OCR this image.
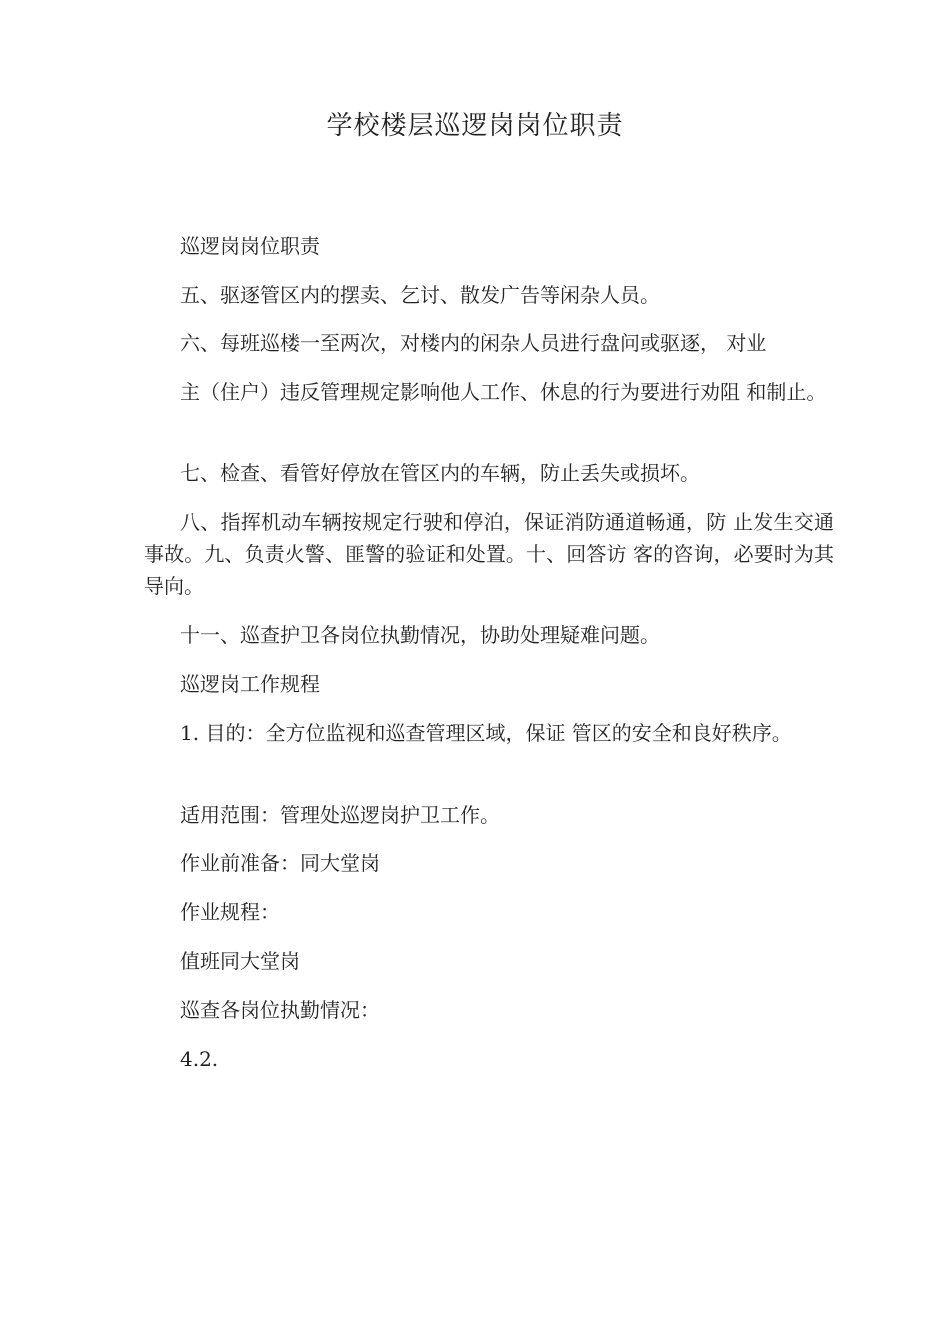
学校楼层巡逻岗岗位职责
巡逻岗岗位职责
五、驱逐管区内的摆卖、乞讨、散发广告等闲杂人员。
六、每班巡楼一至两次，对楼内的闲杂人员进行盘问或驱逐， 对业
主（住户）违反管理规定影响他人工作、休息的行为要进行劝阻 和制止。
七、检查、看管好停放在管区内的车辆，防止丢失或损坏。
八、指挥机动车辆按规定行驶和停泊，保证消防通道畅通，防 止发生交通事故。九、负责火警、匪警的验证和处置。十、回答访 客的咨询，必要时为其导向。
十一、巡查护卫各岗位执勤情况，协助处理疑难问题。
巡逻岗工作规程
1. 目的：全方位监视和巡查管理区域，保证 管区的安全和良好秩序。
适用范围：管理处巡逻岗护卫工作。
作业前准备：同大堂岗
作业规程：
值班同大堂岗
巡查各岗位执勤情况：
4.2.
